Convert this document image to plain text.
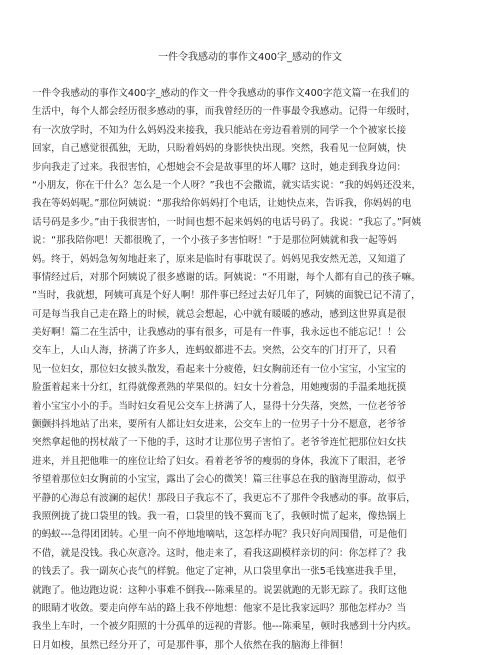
一件令我感动的事作文400字_感动的作文
一件令我感动的事作文400字_感动的作文一件令我感动的事作文400字范文篇一在我们的
生活中，每个人都会经历很多感动的事，而我曾经历的一件事最令我感动。记得一年级时，
有一次放学时，不知为什么妈妈没来接我，我只能站在旁边看着别的同学一个个被家长接
回家，自己感觉很孤独，无助，只盼着妈妈的身影快快出现。突然，我看见一位阿姨，快
步向我走了过来。我很害怕，心想她会不会是故事里的坏人哪？这时，她走到我身边问：
“小朋友，你在干什么？怎么是一个人呀？”我也不会撒谎，就实话实说：“我的妈妈还没来，
我在等妈妈呢。”那位阿姨说：“那我给你妈妈打个电话，让她快点来，告诉我，你妈妈的电
话号码是多少。”由于我很害怕，一时间也想不起来妈妈的电话号码了。我说：“我忘了。”阿姨
说：“那我陪你吧！天都很晚了，一个小孩子多害怕呀！”于是那位阿姨就和我一起等妈
妈。终于，妈妈急匆匆地赶来了，原来是临时有事耽误了。妈妈见我安然无恙，又知道了
事情经过后，对那个阿姨说了很多感谢的话。阿姨说：“不用谢，每个人都有自己的孩子嘛。
”当时，我就想，阿姨可真是个好人啊！那件事已经过去好几年了，阿姨的面貌已记不清了，
可是每当我自己走在路上的时候，就总会想起，心中就有暖暖的感动，感到这世界真是很
美好啊！篇二在生活中，让我感动的事有很多，可是有一件事，我永远也不能忘记！！公
交车上，人山人海，挤满了许多人，连蚂蚁都进不去。突然，公交车的门打开了，只看
见一位妇女，那位妇女披头散发，看起来十分疲倦，妇女胸前还有一位小宝宝，小宝宝的
脸蛋着起来十分红，红得就像煮熟的苹果似的。妇女十分着急，用她瘦弱的手温柔地抚摸
着小宝宝小小的手。当时妇女看见公交车上挤满了人，显得十分失落，突然，一位老爷爷
颤颤抖抖地站了出来，要所有人都让妇女进来，公交车上的一位男子十分不愿意，老爷爷
突然拿起他的拐杖敲了一下他的手，这时才让那位男子害怕了。老爷爷连忙把那位妇女扶
进来，并且把他唯一的座位让给了妇女。看着老爷爷的瘦弱的身体，我流下了眼泪，老爷
爷望着那位妇女胸前的小宝宝，露出了会心的微笑！篇三往事总在我的脑海里游动，似乎
平静的心海总有波澜的起伏！那段日子我忘不了，我更忘不了那件令我感动的事。故事后，
我照例拢了拢口袋里的钱。我一看，口袋里的钱不翼而飞了，我顿时慌了起来，像热锅上
的蚂蚁---急得团团转。心里一向不停地地嘀咕，这怎样办呢？我只好向周围借，可是他们
不借，就是没钱。我心灰意冷。这时，他走来了，看我这副模样亲切的问：你怎样了？我
的钱丢了。我一副灰心丧气的样貌。他定了定神，从口袋里拿出一张5毛钱塞进我手里，
就跑了。他边跑边说：这种小事难不倒我---陈乘星的。说罢就跑的无影无踪了。我盯这他
的眼睛才收敛。要走向停车站的路上我不停地想：他家不是比我家远吗？那他怎样办？当
我坐上车时，一个被夕阳照的十分孤单的远视的背影。他---陈乘星，顿时我感到十分内疚。
日月如梭，虽然已经分开了，可是那件事，那个人依然在我的脑海上徘徊！
